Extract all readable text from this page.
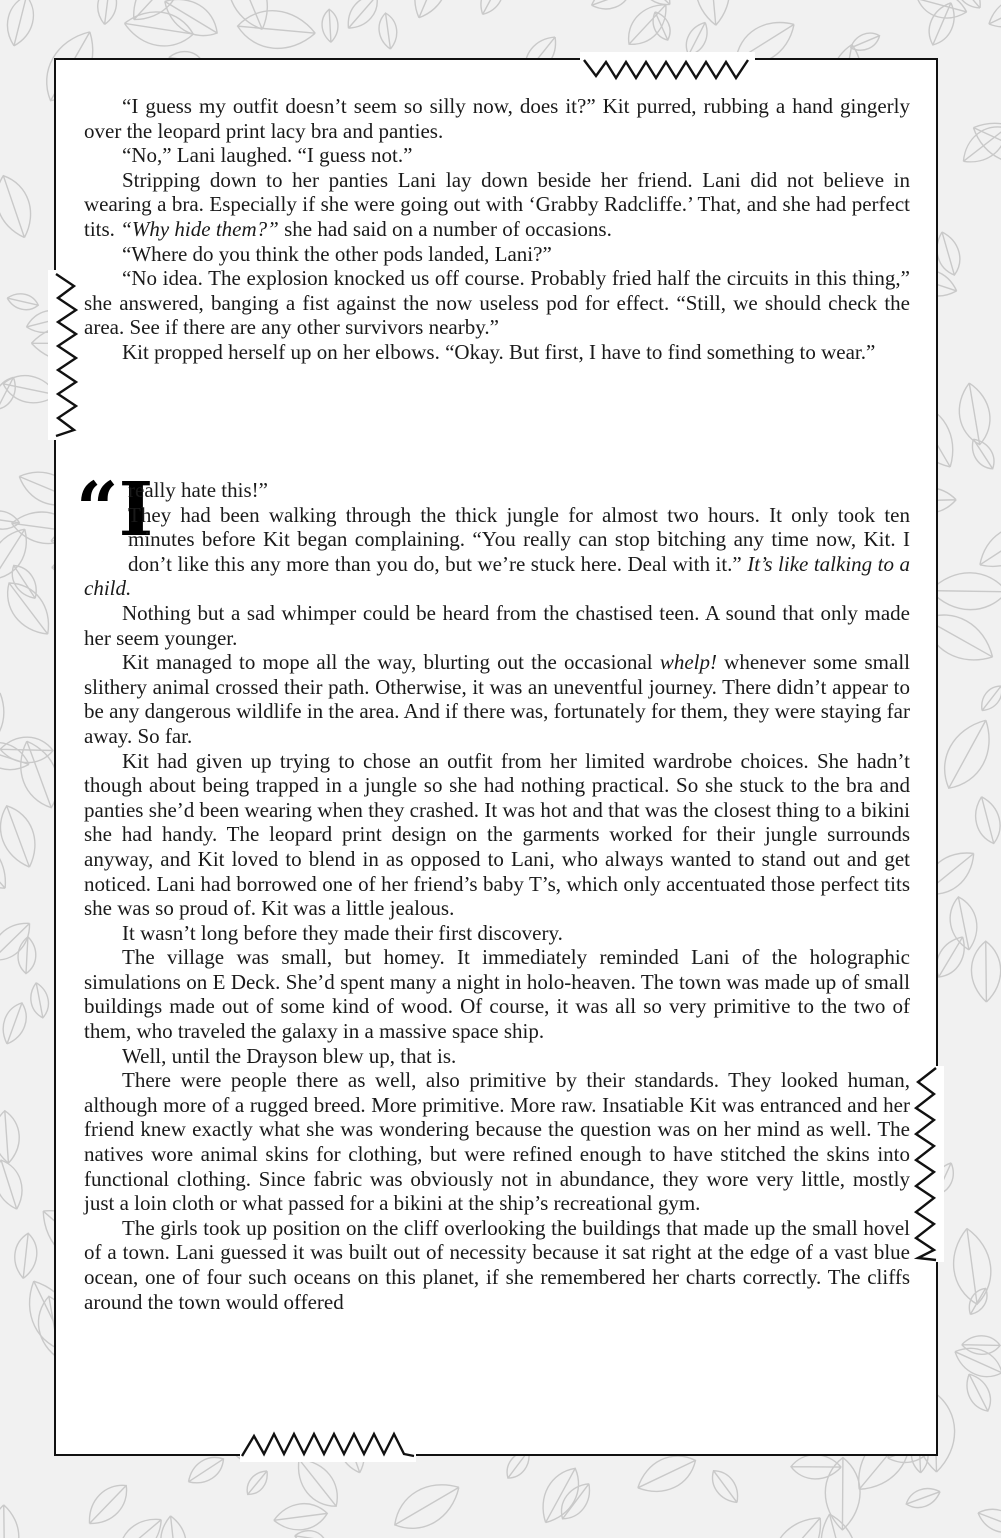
“I guess my outfit doesn’t seem so silly now, does it?” Kit purred, rubbing a hand gingerly over the leopard print lacy bra and panties.

“No,” Lani laughed. “I guess not.”

Stripping down to her panties Lani lay down beside her friend. Lani did not believe in wearing a bra. Especially if she were going out with ‘Grabby Radcliffe.’ That, and she had perfect tits. “Why hide them?” she had said on a number of occasions.

“Where do you think the other pods landed, Lani?”

“No idea. The explosion knocked us off course. Probably fried half the circuits in this thing,” she answered, banging a fist against the now useless pod for effect. “Still, we should check the area. See if there are any other survivors nearby.”

Kit propped herself up on her elbows. “Okay. But first, I have to find something to wear.”

“I

really hate this!”

They had been walking through the thick jungle for almost two hours. It only took ten minutes before Kit began complaining. “You really can stop bitching any time now, Kit. I don’t like this any more than you do, but we’re stuck here. Deal with it.” It’s like talking to a child.

Nothing but a sad whimper could be heard from the chastised teen. A sound that only made her seem younger.

Kit managed to mope all the way, blurting out the occasional whelp! whenever some small slithery animal crossed their path. Otherwise, it was an uneventful journey. There didn’t appear to be any dangerous wildlife in the area. And if there was, fortunately for them, they were staying far away. So far.

Kit had given up trying to chose an outfit from her limited wardrobe choices. She hadn’t though about being trapped in a jungle so she had nothing practical. So she stuck to the bra and panties she’d been wearing when they crashed. It was hot and that was the closest thing to a bikini she had handy. The leopard print design on the garments worked for their jungle surrounds anyway, and Kit loved to blend in as opposed to Lani, who always wanted to stand out and get noticed. Lani had borrowed one of her friend’s baby T’s, which only accentuated those perfect tits she was so proud of. Kit was a little jealous.

It wasn’t long before they made their first discovery.

The village was small, but homey. It immediately reminded Lani of the holographic simulations on E Deck. She’d spent many a night in holo-heaven. The town was made up of small buildings made out of some kind of wood. Of course, it was all so very primitive to the two of them, who traveled the galaxy in a massive space ship.

Well, until the Drayson blew up, that is.

There were people there as well, also primitive by their standards. They looked human, although more of a rugged breed. More primitive. More raw. Insatiable Kit was entranced and her friend knew exactly what she was wondering because the question was on her mind as well. The natives wore animal skins for clothing, but were refined enough to have stitched the skins into functional clothing. Since fabric was obviously not in abundance, they wore very little, mostly just a loin cloth or what passed for a bikini at the ship’s recreational gym.

The girls took up position on the cliff overlooking the buildings that made up the small hovel of a town. Lani guessed it was built out of necessity because it sat right at the edge of a vast blue ocean, one of four such oceans on this planet, if she remembered her charts correctly. The cliffs around the town would offered
